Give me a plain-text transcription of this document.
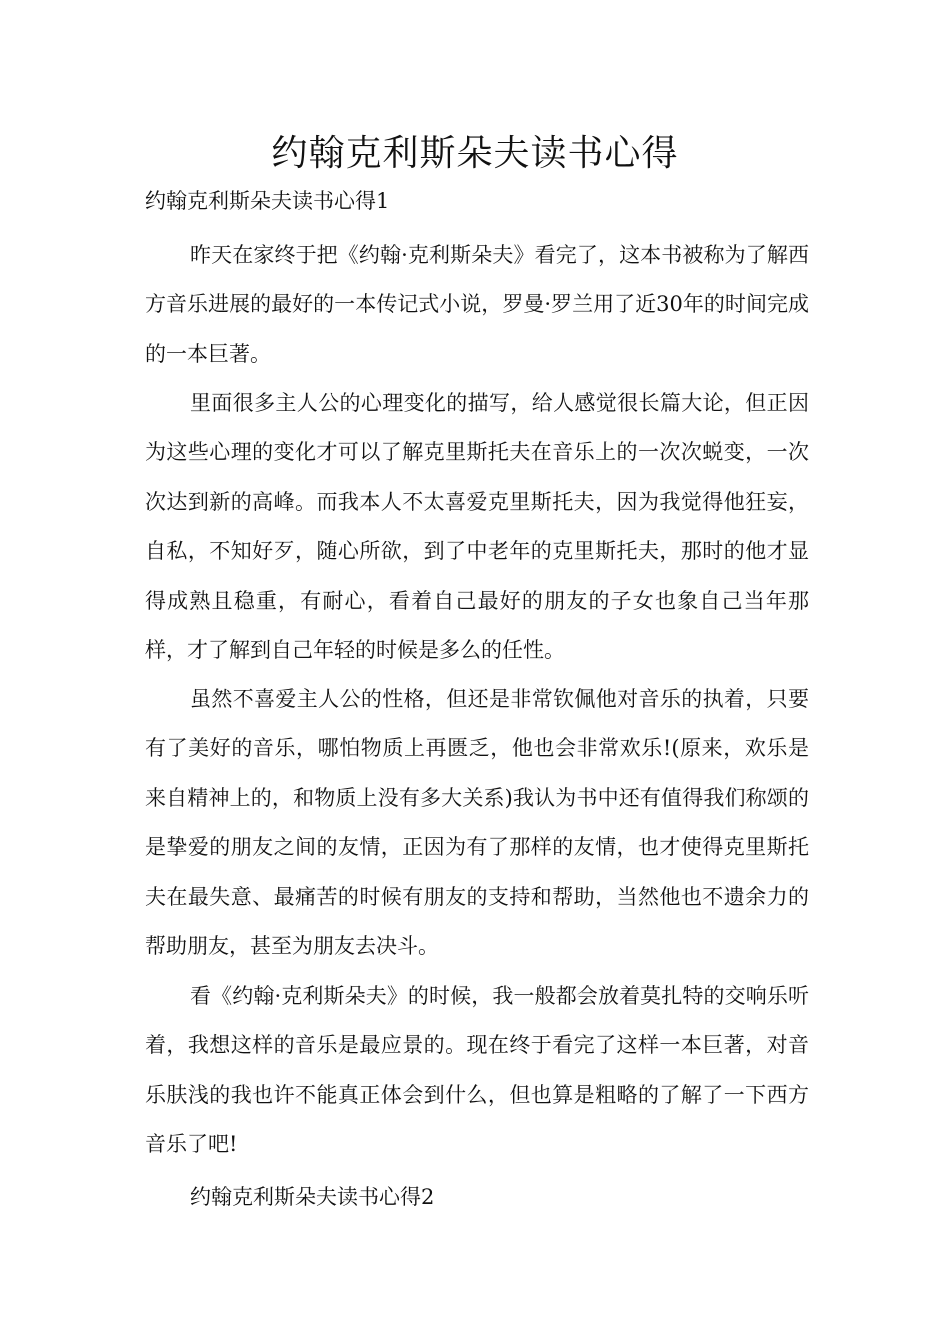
约翰克利斯朵夫读书心得
约翰克利斯朵夫读书心得1

昨天在家终于把《约翰·克利斯朵夫》看完了，这本书被称为了解西方音乐进展的最好的一本传记式小说，罗曼·罗兰用了近30年的时间完成的一本巨著。

里面很多主人公的心理变化的描写，给人感觉很长篇大论，但正因为这些心理的变化才可以了解克里斯托夫在音乐上的一次次蜕变，一次次达到新的高峰。而我本人不太喜爱克里斯托夫，因为我觉得他狂妄，自私，不知好歹，随心所欲，到了中老年的克里斯托夫，那时的他才显得成熟且稳重，有耐心，看着自己最好的朋友的子女也象自己当年那样，才了解到自己年轻的时候是多么的任性。

虽然不喜爱主人公的性格，但还是非常钦佩他对音乐的执着，只要有了美好的音乐，哪怕物质上再匮乏，他也会非常欢乐!(原来，欢乐是来自精神上的，和物质上没有多大关系)我认为书中还有值得我们称颂的是挚爱的朋友之间的友情，正因为有了那样的友情，也才使得克里斯托夫在最失意、最痛苦的时候有朋友的支持和帮助，当然他也不遗余力的帮助朋友，甚至为朋友去决斗。

看《约翰·克利斯朵夫》的时候，我一般都会放着莫扎特的交响乐听着，我想这样的音乐是最应景的。现在终于看完了这样一本巨著，对音乐肤浅的我也许不能真正体会到什么，但也算是粗略的了解了一下西方音乐了吧!

约翰克利斯朵夫读书心得2
